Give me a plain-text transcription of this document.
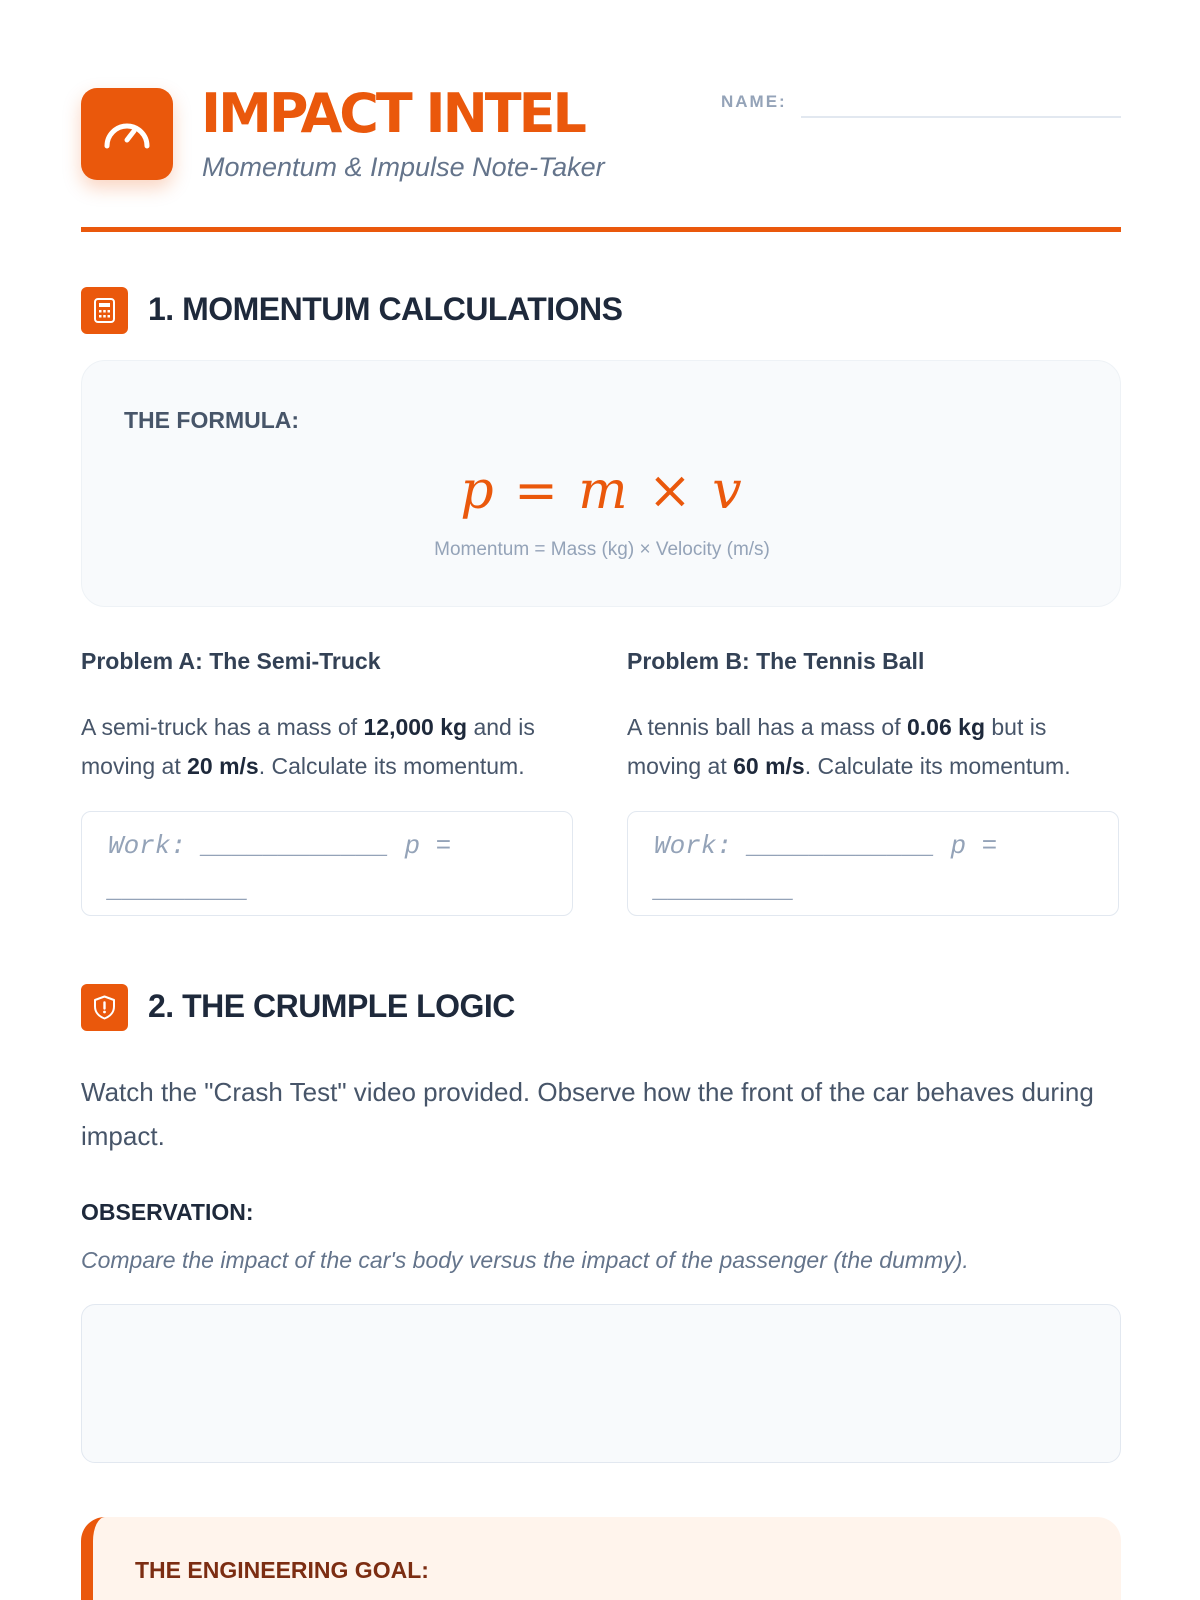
IMPACT INTEL
Momentum & Impulse Note-Taker
NAME:
1. MOMENTUM CALCULATIONS
THE FORMULA:
p = m × v
Momentum = Mass (kg) × Velocity (m/s)
Problem A: The Semi-Truck
A semi-truck has a mass of 12,000 kg and is moving at 20 m/s. Calculate its momentum.
Work: ____________ p = _________
Problem B: The Tennis Ball
A tennis ball has a mass of 0.06 kg but is moving at 60 m/s. Calculate its momentum.
Work: ____________ p = _________
2. THE CRUMPLE LOGIC
Watch the "Crash Test" video provided. Observe how the front of the car behaves during impact.
OBSERVATION:
Compare the impact of the car's body versus the impact of the passenger (the dummy).
THE ENGINEERING GOAL:
